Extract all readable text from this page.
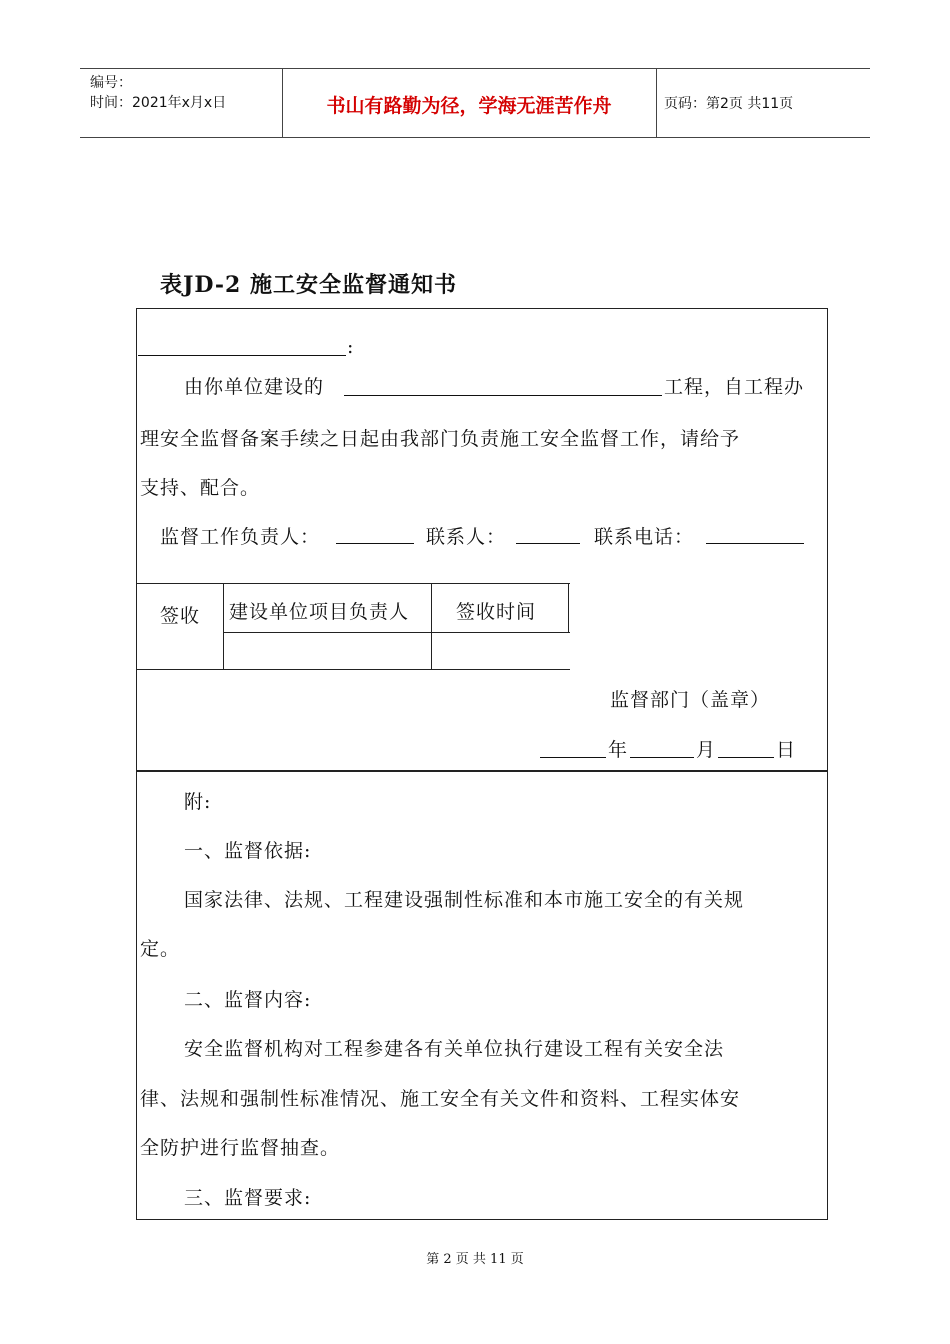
编号：
时间：2021年x月x日	书山有路勤为径，学海无涯苦作舟	页码：第2页 共11页
表JD-2 施工安全监督通知书
:
由你单位建设的	工程，自工程办
理安全监督备案手续之日起由我部门负责施工安全监督工作，请给予
支持、配合。
监督工作负责人：	联系人：	联系电话：
签收 建设单位项目负责人 签收时间
监督部门（盖章）
年	月	日
附:
一、监督依据:
国家法律、法规、工程建设强制性标准和本市施工安全的有关规
定。
二、监督内容:
安全监督机构对工程参建各有关单位执行建设工程有关安全法
律、法规和强制性标准情况、施工安全有关文件和资料、工程实体安
全防护进行监督抽查。
三、监督要求:
第 2 页 共 11 页
